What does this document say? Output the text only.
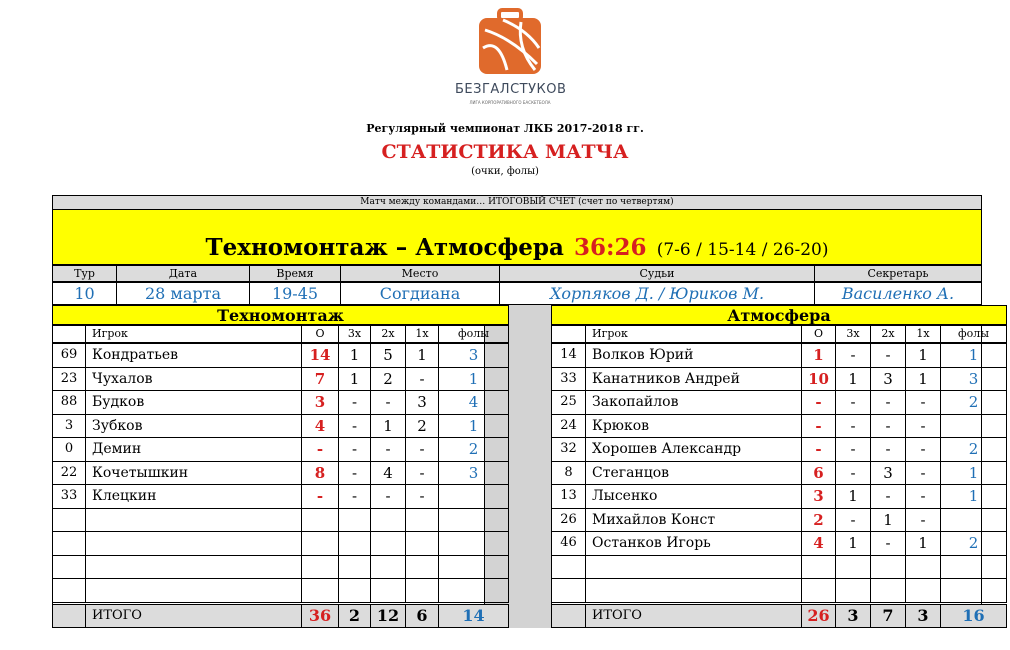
БЕЗГАЛСТУКОВ
ЛИГА КОРПОРАТИВНОГО БАСКЕТБОЛА
Регулярный чемпионат ЛКБ 2017-2018 гг.
СТАТИСТИКА МАТЧА
(очки, фолы)
Матч между командами… ИТОГОВЫЙ СЧЕТ (счет по четвертям)
Техномонтаж – Атмосфера 36:26 (7-6 / 15-14 / 26-20)
Тур	Дата	Время	Место	Судьи	Секретарь
10	28 марта	19-45	Согдиана	Хорпяков Д. / Юриков М.	Василенко А.
Техномонтаж
Игрок	О	3х	2х	1х	фолы
69	Кондратьев	14	1	5	1	3
23	Чухалов	7	1	2	-	1
88	Будков	3	-	-	3	4
3	Зубков	4	-	1	2	1
0	Демин	-	-	-	-	2
22	Кочетышкин	8	-	4	-	3
33	Клецкин	-	-	-	-
ИТОГО	36	2	12	6	14
Атмосфера
Игрок	О	3х	2х	1х	фолы
14	Волков Юрий	1	-	-	1	1
33	Канатников Андрей	10	1	3	1	3
25	Закопайлов	-	-	-	-	2
24	Крюков	-	-	-	-
32	Хорошев Александр	-	-	-	-	2
8	Стеганцов	6	-	3	-	1
13	Лысенко	3	1	-	-	1
26	Михайлов Конст	2	-	1	-
46	Останков Игорь	4	1	-	1	2
ИТОГО	26	3	7	3	16
